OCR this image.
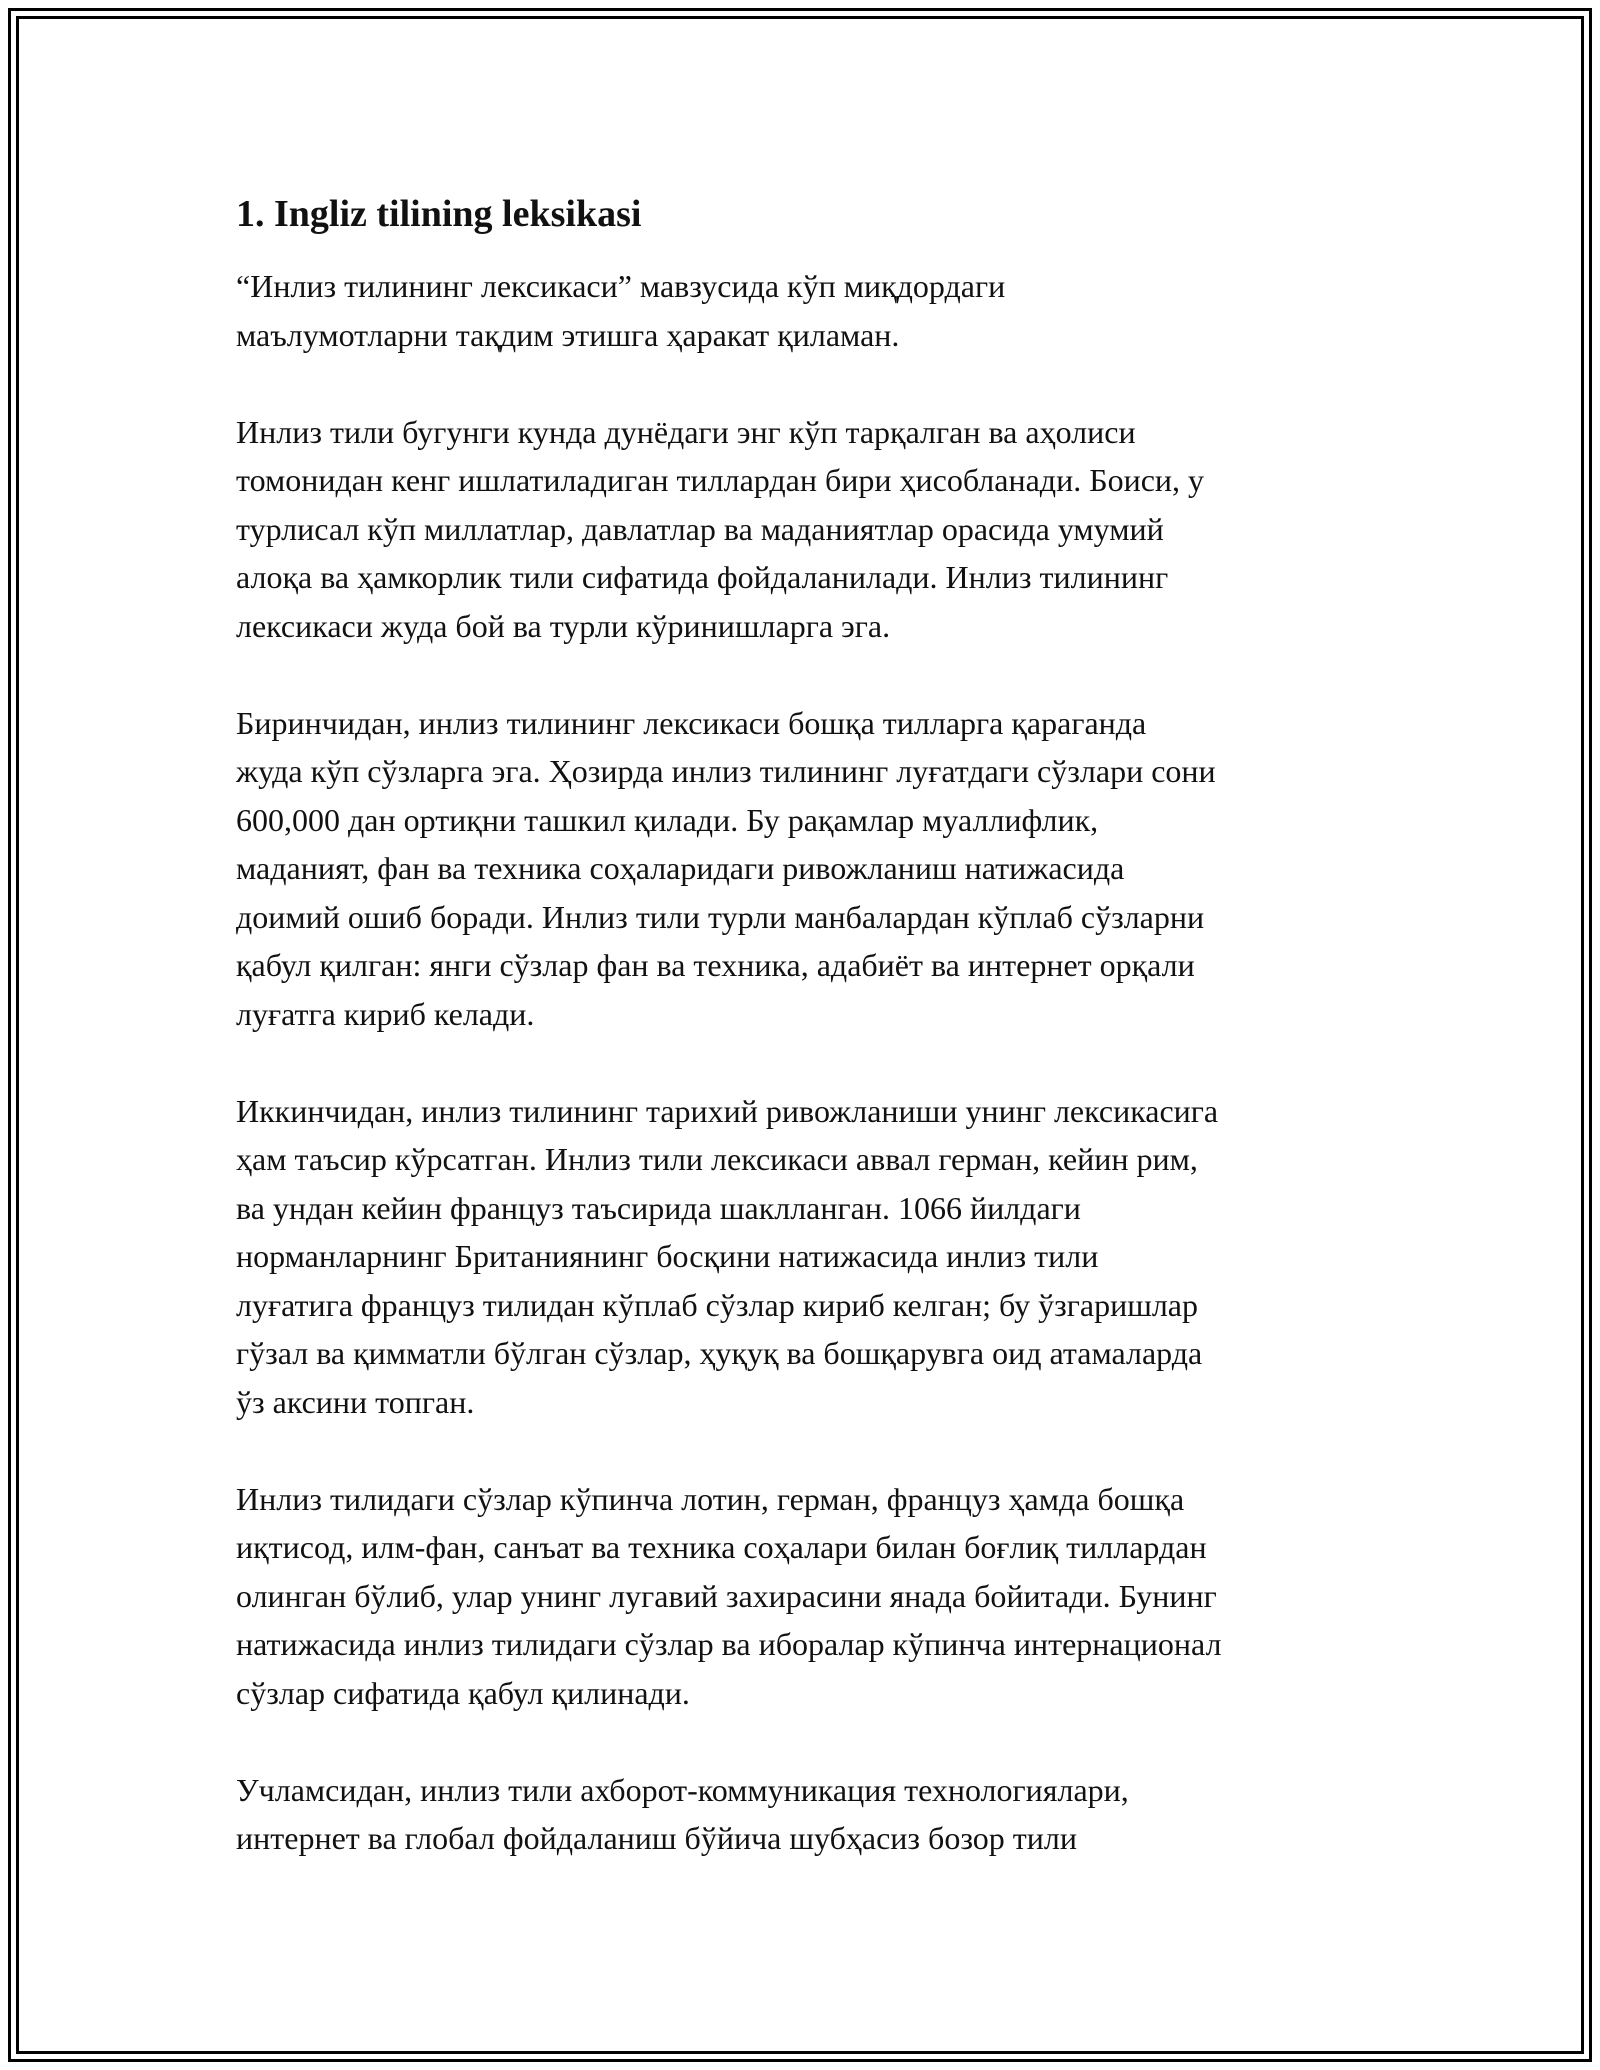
1. Ingliz tilining leksikasi

“Инлиз тилининг лексикаси” мавзусида кўп миқдордаги
маълумотларни тақдим этишга ҳаракат қиламан.

Инлиз тили бугунги кунда дунёдаги энг кўп тарқалган ва аҳолиси
томонидан кенг ишлатиладиган тиллардан бири ҳисобланади. Боиси, у
турлисал кўп миллатлар, давлатлар ва маданиятлар орасида умумий
алоқа ва ҳамкорлик тили сифатида фойдаланилади. Инлиз тилининг
лексикаси жуда бой ва турли кўринишларга эга.

Биринчидан, инлиз тилининг лексикаси бошқа тилларга қараганда
жуда кўп сўзларга эга. Ҳозирда инлиз тилининг луғатдаги сўзлари сони
600,000 дан ортиқни ташкил қилади. Бу рақамлар муаллифлик,
маданият, фан ва техника соҳаларидаги ривожланиш натижасида
доимий ошиб боради. Инлиз тили турли манбалардан кўплаб сўзларни
қабул қилган: янги сўзлар фан ва техника, адабиёт ва интернет орқали
луғатга кириб келади.

Иккинчидан, инлиз тилининг тарихий ривожланиши унинг лексикасига
ҳам таъсир кўрсатган. Инлиз тили лексикаси аввал герман, кейин рим,
ва ундан кейин француз таъсирида шаклланган. 1066 йилдаги
норманларнинг Британиянинг босқини натижасида инлиз тили
луғатига француз тилидан кўплаб сўзлар кириб келган; бу ўзгаришлар
гўзал ва қимматли бўлган сўзлар, ҳуқуқ ва бошқарувга оид атамаларда
ўз аксини топган.

Инлиз тилидаги сўзлар кўпинча лотин, герман, француз ҳамда бошқа
иқтисод, илм-фан, санъат ва техника соҳалари билан боғлиқ тиллардан
олинган бўлиб, улар унинг лугавий захирасини янада бойитади. Бунинг
натижасида инлиз тилидаги сўзлар ва иборалар кўпинча интернационал
сўзлар сифатида қабул қилинади.

Учламсидан, инлиз тили ахборот-коммуникация технологиялари,
интернет ва глобал фойдаланиш бўйича шубҳасиз бозор тили
